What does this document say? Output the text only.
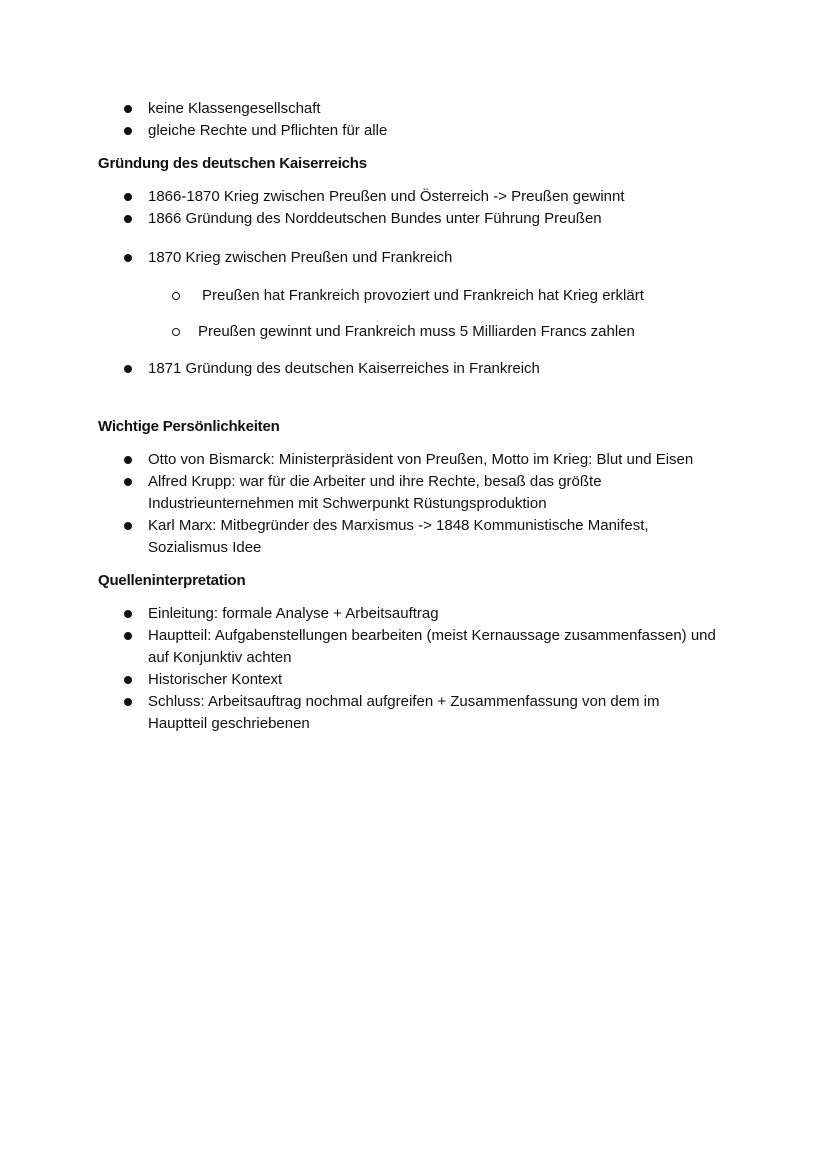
keine Klassengesellschaft
gleiche Rechte und Pflichten für alle
Gründung des deutschen Kaiserreichs
1866-1870 Krieg zwischen Preußen und Österreich -> Preußen gewinnt
1866 Gründung des Norddeutschen Bundes unter Führung Preußen
1870 Krieg zwischen Preußen und Frankreich
Preußen hat Frankreich provoziert und Frankreich hat Krieg erklärt
Preußen gewinnt und Frankreich muss 5 Milliarden Francs zahlen
1871 Gründung des deutschen Kaiserreiches in Frankreich
Wichtige Persönlichkeiten
Otto von Bismarck: Ministerpräsident von Preußen, Motto im Krieg: Blut und Eisen
Alfred Krupp: war für die Arbeiter und ihre Rechte, besaß das größte Industrieunternehmen mit Schwerpunkt Rüstungsproduktion
Karl Marx: Mitbegründer des Marxismus -> 1848 Kommunistische Manifest, Sozialismus Idee
Quelleninterpretation
Einleitung: formale Analyse + Arbeitsauftrag
Hauptteil: Aufgabenstellungen bearbeiten (meist Kernaussage zusammenfassen) und auf Konjunktiv achten
Historischer Kontext
Schluss: Arbeitsauftrag nochmal aufgreifen + Zusammenfassung von dem im Hauptteil geschriebenen
